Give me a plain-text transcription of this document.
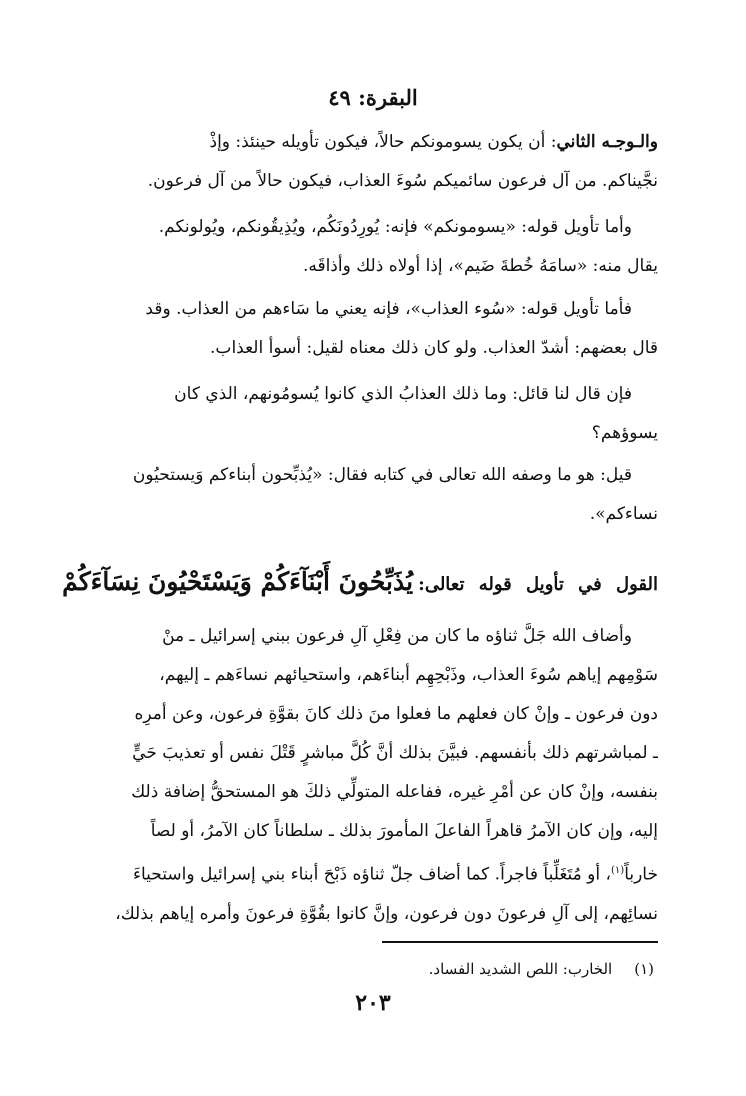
البقرة: ٤٩
والـوجـه الثاني: أن يكون يسومونكم حالاً، فيكون تأويله حينئذ: وإذْ
نجَّيناكم. من آل فرعون سائميكم سُوءَ العذاب، فيكون حالاً من آل فرعون.
وأما تأويل قوله: «يسومونكم» فإنه: يُورِدُونَكُم، ويُذِيقُونكم، ويُولونكم.
يقال منه: «سامَهُ خُطةَ ضَيم»، إذا أولاه ذلك وأذاقَه.
فأما تأويل قوله: «سُوء العذاب»، فإنه يعني ما سَاءهم من العذاب. وقد
قال بعضهم: أشدّ العذاب. ولو كان ذلك معناه لقيل: أسوأ العذاب.
فإن قال لنا قائل: وما ذلك العذابُ الذي كانوا يُسومُونهم، الذي كان
يسوؤهم؟
قيل: هو ما وصفه الله تعالى في كتابه فقال: «يُذبِّحون أبناءكم وَيستحيُون
نساءكم».
القول في تأويل قوله تعالى: يُذَبِّحُونَ أَبْنَآءَكُمْ وَيَسْتَحْيُونَ نِسَآءَكُمْ
وأضاف الله جَلَّ ثناؤه ما كان من فِعْلِ آلِ فرعون ببني إسرائيل ـ منْ
سَوْمِهم إياهم سُوءَ العذاب، وذَبْحِهِم أبناءَهم، واستحيائهم نساءَهم ـ إليهم،
دون فرعون ـ وإنْ كان فعلهم ما فعلوا منَ ذلك كانَ بقوَّةِ فرعون، وعن أمرِه
ـ لمباشرتهم ذلك بأنفسهم. فبيَّنَ بذلك أنَّ كُلَّ مباشرٍ قَتْلَ نفس أو تعذيبَ حَيٍّ
بنفسه، وإنْ كان عن أمْرِ غيره، ففاعله المتولِّي ذلكَ هو المستحقُّ إضافة ذلك
إليه، وإن كان الآمرُ قاهراً الفاعلَ المأمورَ بذلك ـ سلطاناً كان الآمرُ، أو لصاً
خارباً$^{(١)}$، أو مُتَغَلِّباً فاجراً. كما أضاف جلّ ثناؤه ذَبْحَ أبناء بني إسرائيل واستحياءَ
نسائِهم، إلى آلِ فرعونَ دون فرعون، وإنَّ كانوا بقُوَّةِ فرعونَ وأمره إياهم بذلك،
(١)الخارب: اللص الشديد الفساد.
٢٠٣
